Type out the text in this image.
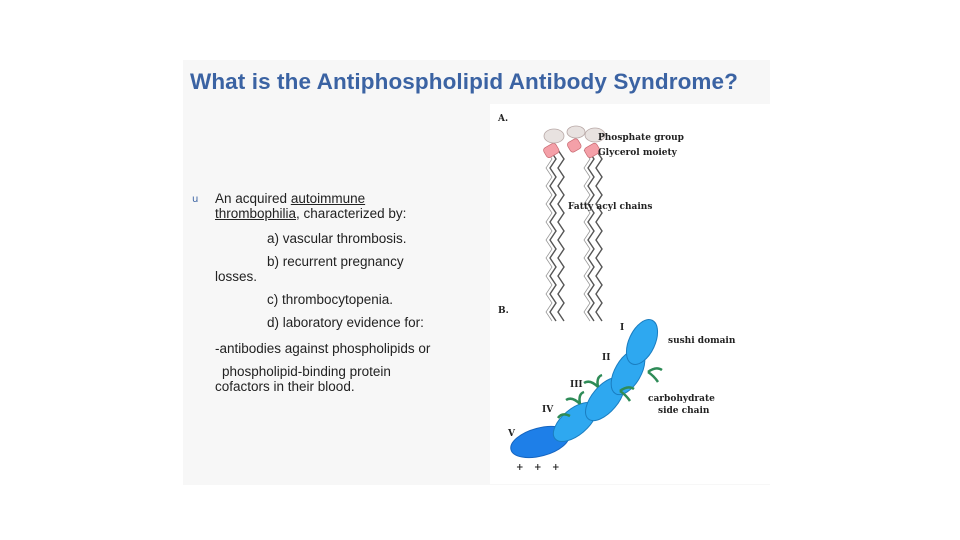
What is the Antiphospholipid Antibody Syndrome?
u An acquired autoimmune
thrombophilia, characterized by:
a) vascular thrombosis.
b) recurrent pregnancy
losses.
c) thrombocytopenia.
d) laboratory evidence for:
-antibodies against phospholipids or
phospholipid-binding protein
cofactors in their blood.
A.
Phosphate group
Glycerol moiety
Fatty acyl chains
B.
I
II
III
IV
V
sushi domain
carbohydrate
side chain
+ + +
